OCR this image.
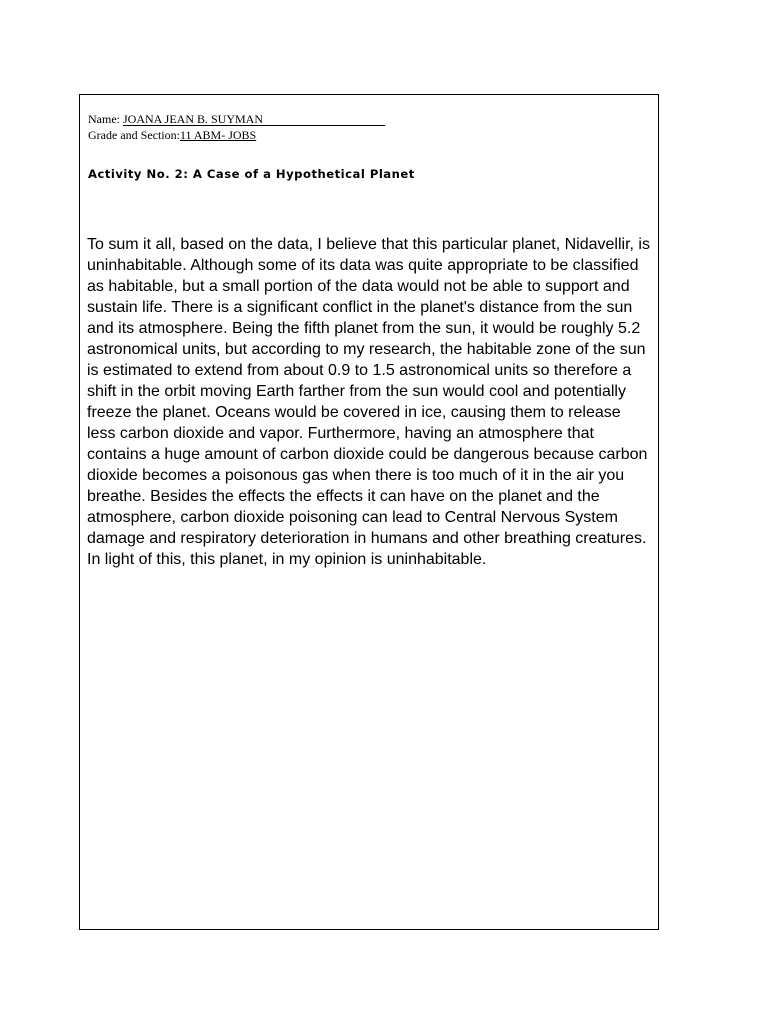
Name: JOANA JEAN B. SUYMAN
Grade and Section:11 ABM- JOBS
Activity No. 2: A Case of a Hypothetical Planet

To sum it all, based on the data, I believe that this particular planet, Nidavellir, is uninhabitable. Although some of its data was quite appropriate to be classified as habitable, but a small portion of the data would not be able to support and sustain life. There is a significant conflict in the planet's distance from the sun and its atmosphere. Being the fifth planet from the sun, it would be roughly 5.2 astronomical units, but according to my research, the habitable zone of the sun is estimated to extend from about 0.9 to 1.5 astronomical units so therefore a shift in the orbit moving Earth farther from the sun would cool and potentially freeze the planet. Oceans would be covered in ice, causing them to release less carbon dioxide and vapor. Furthermore, having an atmosphere that contains a huge amount of carbon dioxide could be dangerous because carbon dioxide becomes a poisonous gas when there is too much of it in the air you breathe. Besides the effects the effects it can have on the planet and the atmosphere, carbon dioxide poisoning can lead to Central Nervous System damage and respiratory deterioration in humans and other breathing creatures. In light of this, this planet, in my opinion is uninhabitable.
